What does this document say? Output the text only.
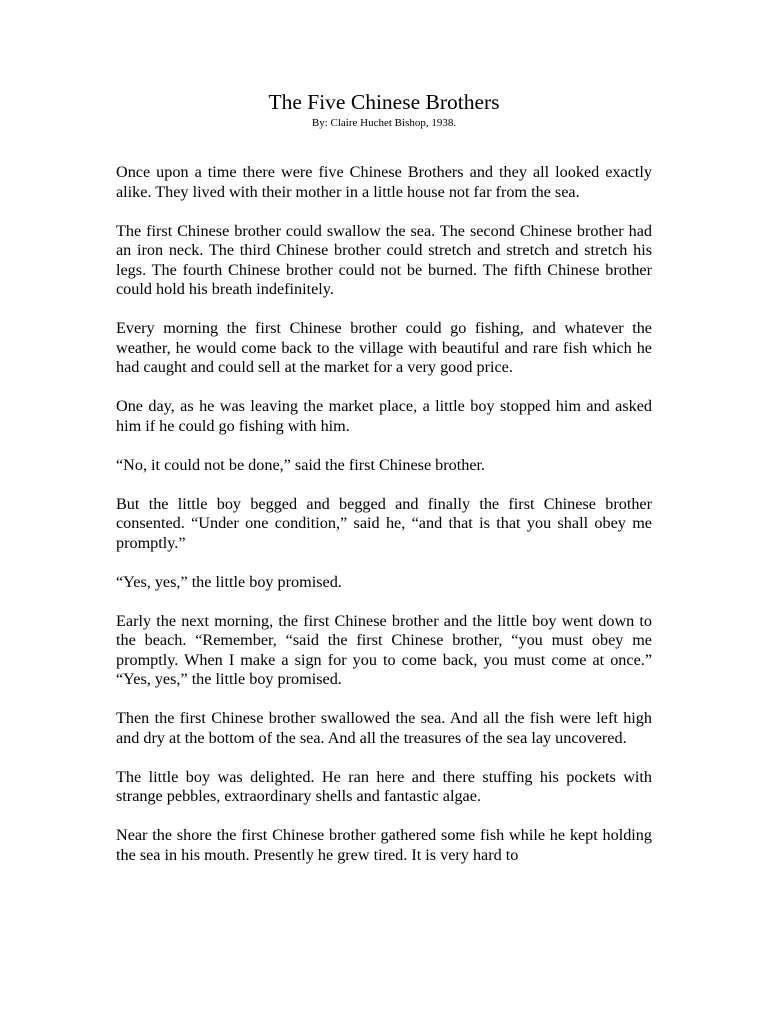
The Five Chinese Brothers

By: Claire Huchet Bishop, 1938.

Once upon a time there were five Chinese Brothers and they all looked exactly alike. They lived with their mother in a little house not far from the sea.

The first Chinese brother could swallow the sea. The second Chinese brother had an iron neck. The third Chinese brother could stretch and stretch and stretch his legs. The fourth Chinese brother could not be burned. The fifth Chinese brother could hold his breath indefinitely.

Every morning the first Chinese brother could go fishing, and whatever the weather, he would come back to the village with beautiful and rare fish which he had caught and could sell at the market for a very good price.

One day, as he was leaving the market place, a little boy stopped him and asked him if he could go fishing with him.

“No, it could not be done,” said the first Chinese brother.

But the little boy begged and begged and finally the first Chinese brother consented. “Under one condition,” said he, “and that is that you shall obey me promptly.”

“Yes, yes,” the little boy promised.

Early the next morning, the first Chinese brother and the little boy went down to the beach. “Remember, “said the first Chinese brother, “you must obey me promptly. When I make a sign for you to come back, you must come at once.” “Yes, yes,” the little boy promised.

Then the first Chinese brother swallowed the sea. And all the fish were left high and dry at the bottom of the sea. And all the treasures of the sea lay uncovered.

The little boy was delighted. He ran here and there stuffing his pockets with strange pebbles, extraordinary shells and fantastic algae.

Near the shore the first Chinese brother gathered some fish while he kept holding the sea in his mouth. Presently he grew tired. It is very hard to
